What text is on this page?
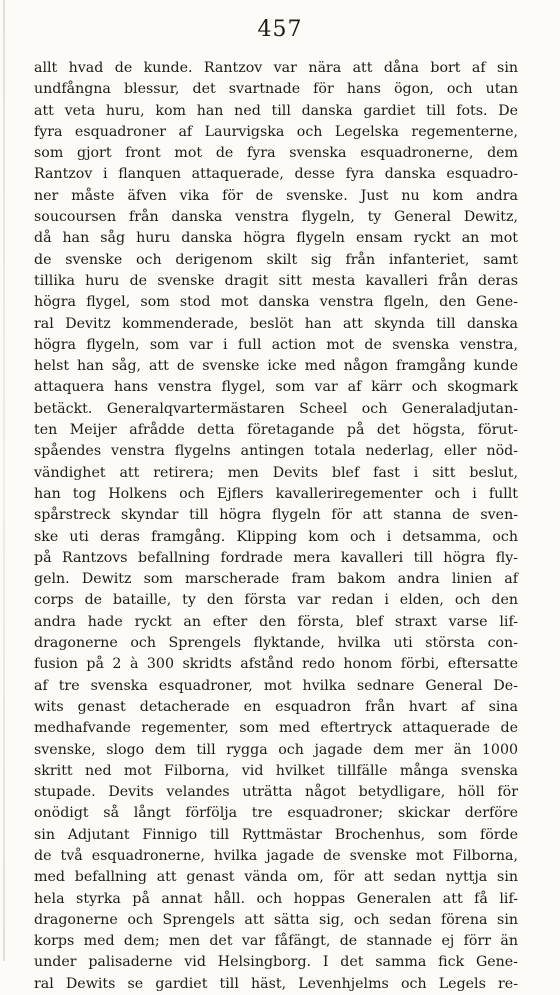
457
allt hvad de kunde. Rantzov var nära att dåna bort af sin
undfångna blessur, det svartnade för hans ögon, och utan
att veta huru, kom han ned till danska gardiet till fots. De
fyra esquadroner af Laurvigska och Legelska regementerne,
som gjort front mot de fyra svenska esquadronerne, dem
Rantzov i flanquen attaquerade, desse fyra danska esquadro-
ner måste äfven vika för de svenske. Just nu kom andra
soucoursen från danska venstra flygeln, ty General Dewitz,
då han såg huru danska högra flygeln ensam ryckt an mot
de svenske och derigenom skilt sig från infanteriet, samt
tillika huru de svenske dragit sitt mesta kavalleri från deras
högra flygel, som stod mot danska venstra flgeln, den Gene-
ral Devitz kommenderade, beslöt han att skynda till danska
högra flygeln, som var i full action mot de svenska venstra,
helst han såg, att de svenske icke med någon framgång kunde
attaquera hans venstra flygel, som var af kärr och skogmark
betäckt. Generalqvartermästaren Scheel och Generaladjutan-
ten Meijer afrådde detta företagande på det högsta, förut-
spåendes venstra flygelns antingen totala nederlag, eller nöd-
vändighet att retirera; men Devits blef fast i sitt beslut,
han tog Holkens och Ejflers kavalleriregementer och i fullt
spårstreck skyndar till högra flygeln för att stanna de sven-
ske uti deras framgång. Klipping kom och i detsamma, och
på Rantzovs befallning fordrade mera kavalleri till högra fly-
geln. Dewitz som marscherade fram bakom andra linien af
corps de bataille, ty den första var redan i elden, och den
andra hade ryckt an efter den första, blef straxt varse lif-
dragonerne och Sprengels flyktande, hvilka uti största con-
fusion på 2 à 300 skridts afstånd redo honom förbi, eftersatte
af tre svenska esquadroner, mot hvilka sednare General De-
wits genast detacherade en esquadron från hvart af sina
medhafvande regementer, som med eftertryck attaquerade de
svenske, slogo dem till rygga och jagade dem mer än 1000
skritt ned mot Filborna, vid hvilket tillfälle många svenska
stupade. Devits velandes uträtta något betydligare, höll för
onödigt så långt förfölja tre esquadroner; skickar derföre
sin Adjutant Finnigo till Ryttmästar Brochenhus, som förde
de två esquadronerne, hvilka jagade de svenske mot Filborna,
med befallning att genast vända om, för att sedan nyttja sin
hela styrka på annat håll. och hoppas Generalen att få lif-
dragonerne och Sprengels att sätta sig, och sedan förena sin
korps med dem; men det var fåfängt, de stannade ej förr än
under palisaderne vid Helsingborg. I det samma fick Gene-
ral Dewits se gardiet till häst, Levenhjelms och Legels re-
